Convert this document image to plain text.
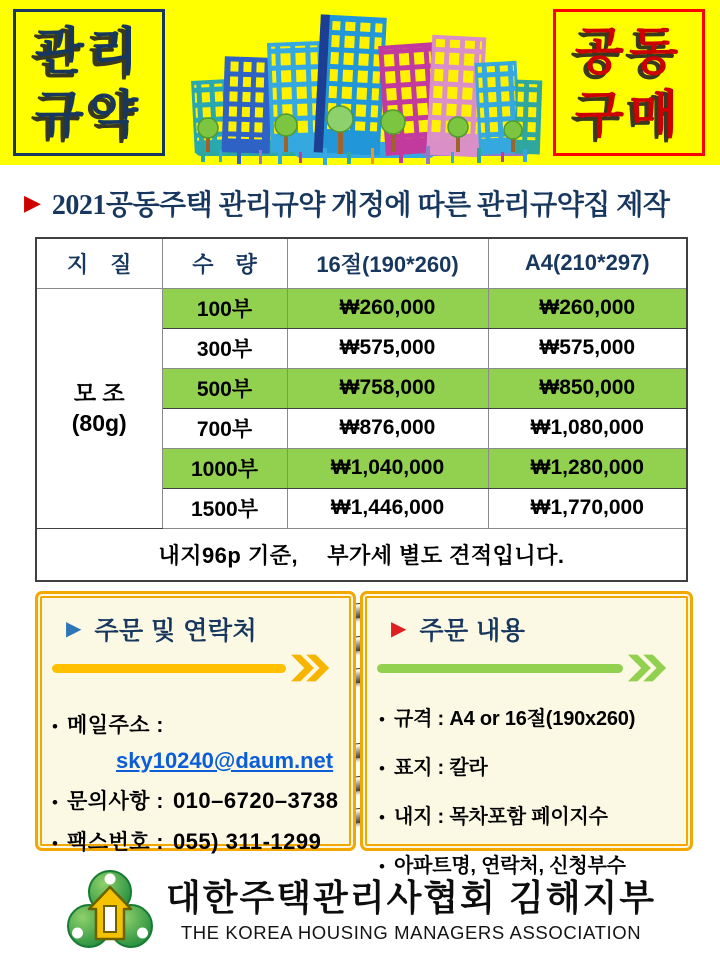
관리
규약
공동
구매
▶ 2021공동주택 관리규약 개정에 따른 관리규약집 제작
지　질	수　량	16절(190*260)	A4(210*297)

모 조
(80g)	100부	₩260,000	₩260,000
	300부	₩575,000	₩575,000
	500부	₩758,000	₩850,000
	700부	₩876,000	₩1,080,000
	1000부	₩1,040,000	₩1,280,000
	1500부	₩1,446,000	₩1,770,000
내지96p 기준,　 부가세 별도 견적입니다.			
▶ 주문 및 연락처
• 메일주소 :
sky10240@daum.net
• 문의사항 : 010–6720–3738
• 팩스번호 : 055) 311-1299
▶ 주문 내용
• 규격 : A4 or 16절(190x260)
• 표지 : 칼라
• 내지 : 목차포함 페이지수
• 아파트명, 연락처, 신청부수
대한주택관리사협회 김해지부
THE KOREA HOUSING MANAGERS ASSOCIATION
